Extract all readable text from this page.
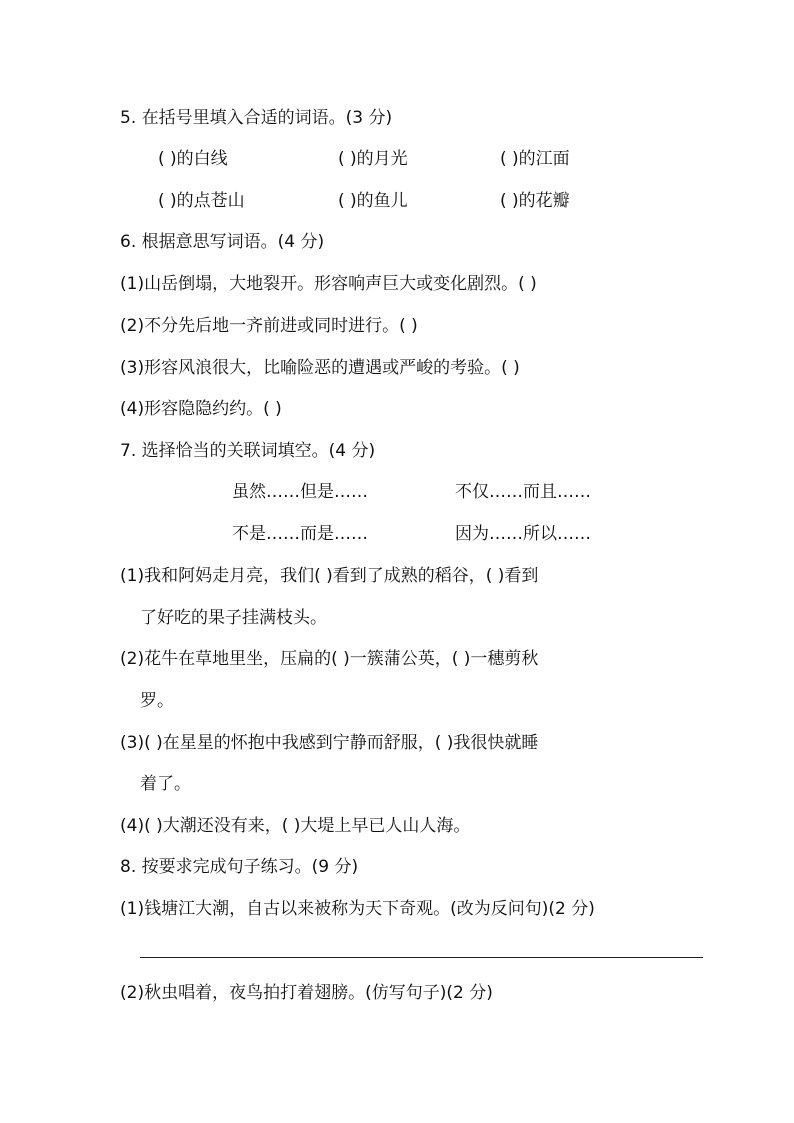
5. 在括号里填入合适的词语。(3 分)
( )的白线	( )的月光	( )的江面
( )的点苍山	( )的鱼儿	( )的花瓣
6. 根据意思写词语。(4 分)
(1)山岳倒塌，大地裂开。形容响声巨大或变化剧烈。( )
(2)不分先后地一齐前进或同时进行。( )
(3)形容风浪很大，比喻险恶的遭遇或严峻的考验。( )
(4)形容隐隐约约。( )
7. 选择恰当的关联词填空。(4 分)
虽然……但是……	不仅……而且……
不是……而是……	因为……所以……
(1)我和阿妈走月亮，我们( )看到了成熟的稻谷，( )看到
了好吃的果子挂满枝头。
(2)花牛在草地里坐，压扁的( )一簇蒲公英，( )一穗剪秋
罗。
(3)( )在星星的怀抱中我感到宁静而舒服，( )我很快就睡
着了。
(4)( )大潮还没有来，( )大堤上早已人山人海。
8. 按要求完成句子练习。(9 分)
(1)钱塘江大潮，自古以来被称为天下奇观。(改为反问句)(2 分)
(2)秋虫唱着，夜鸟拍打着翅膀。(仿写句子)(2 分)
